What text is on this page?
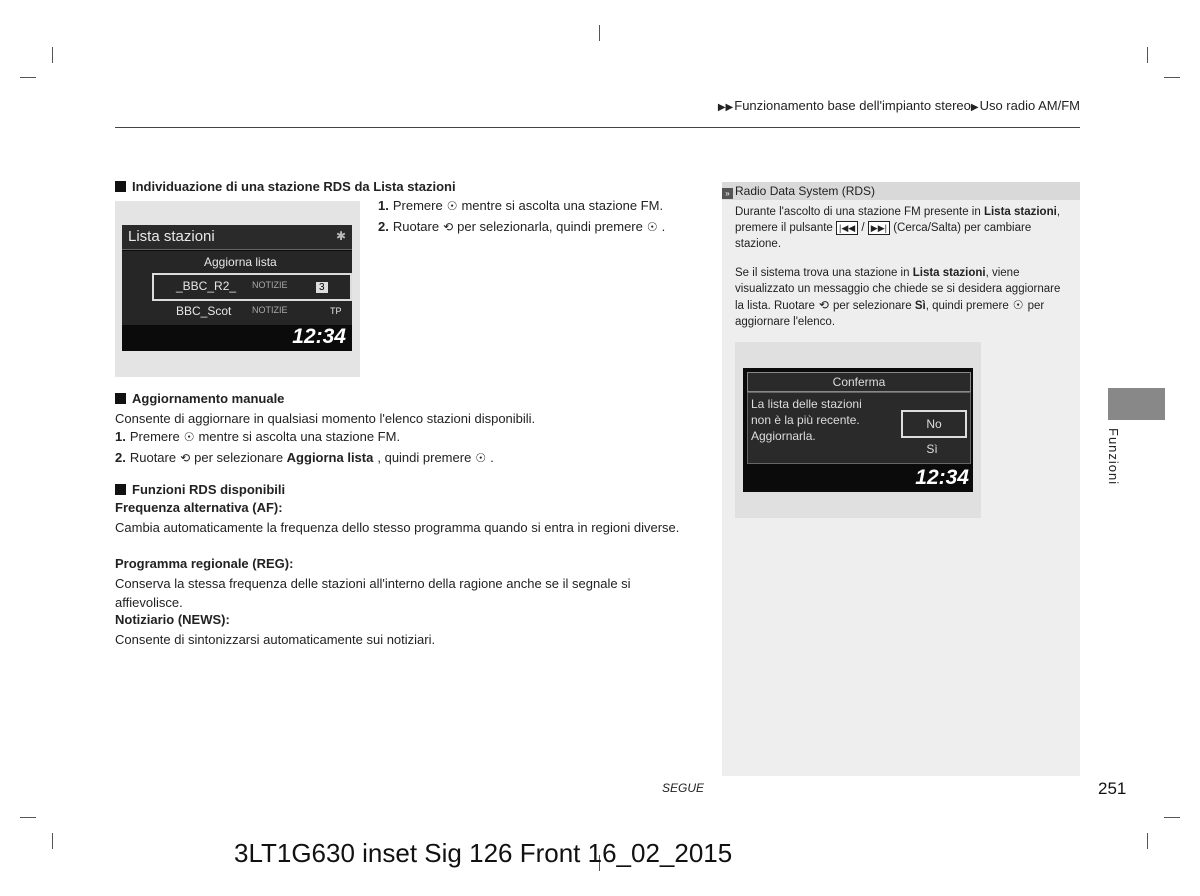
▶▶Funzionamento base dell'impianto stereo▶Uso radio AM/FM
Individuazione di una stazione RDS da Lista stazioni
1. Premere ☉ mentre si ascolta una stazione FM.
2. Ruotare ⟲ per selezionarla, quindi premere ☉ .
Lista stazioni	✱
Aggiorna lista
_BBC_R2_ NOTIZIE	3
BBC_Scot NOTIZIE	TP
12:34
Aggiornamento manuale
Consente di aggiornare in qualsiasi momento l'elenco stazioni disponibili.
1. Premere ☉ mentre si ascolta una stazione FM.
2. Ruotare ⟲ per selezionare Aggiorna lista , quindi premere ☉ .
Funzioni RDS disponibili
Frequenza alternativa (AF):
Cambia automaticamente la frequenza dello stesso programma quando si entra in regioni diverse.
Programma regionale (REG):
Conserva la stessa frequenza delle stazioni all'interno della ragione anche se il segnale si affievolisce.
Notiziario (NEWS):
Consente di sintonizzarsi automaticamente sui notiziari.
» Radio Data System (RDS)
Durante l'ascolto di una stazione FM presente in Lista stazioni, premere il pulsante |◀◀ / ▶▶| (Cerca/Salta) per cambiare stazione.
Se il sistema trova una stazione in Lista stazioni, viene visualizzato un messaggio che chiede se si desidera aggiornare la lista. Ruotare ⟲ per selezionare Sì, quindi premere ☉ per aggiornare l'elenco.
Conferma
La lista delle stazioni
non è la più recente.
Aggiornarla.
No
Sì
12:34	Funzioni
SEGUE	251
3LT1G630 inset Sig 126 Front 16_02_2015
